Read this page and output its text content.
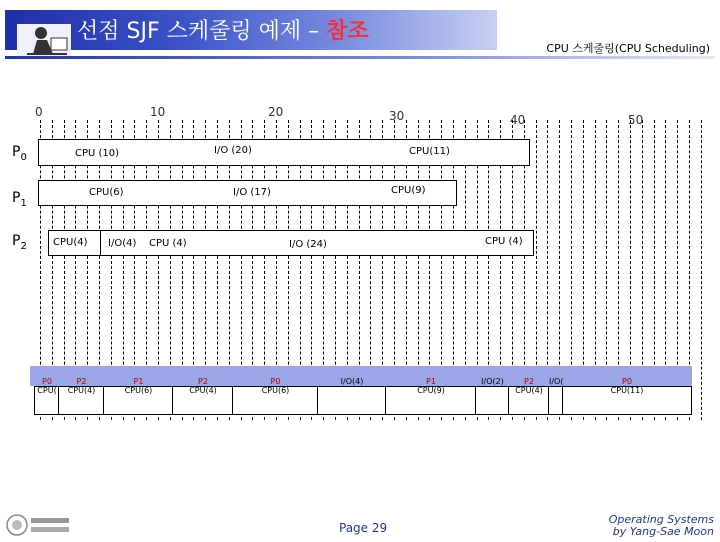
선점 SJF 스케줄링 예제 – 참조
CPU 스케줄링(CPU Scheduling)
0	10	20	30	40	50
$P_0$
$P_1$
$P_2$
CPU (10)	I/O (20)	CPU(11)
CPU(6)	I/O (17)	CPU(9)
CPU(4) I/O(4) CPU (4)	I/O (24)	CPU (4)
P0
CPU(
P2
CPU(4)
P1
CPU(6)
P2
CPU(4)
P0
CPU(6)
I/O(4)	P1
CPU(9)
I/O(2)	P2
CPU(4)
I/O(	P0
CPU(11)
Page 29
Operating Systems
by Yang-Sae Moon
